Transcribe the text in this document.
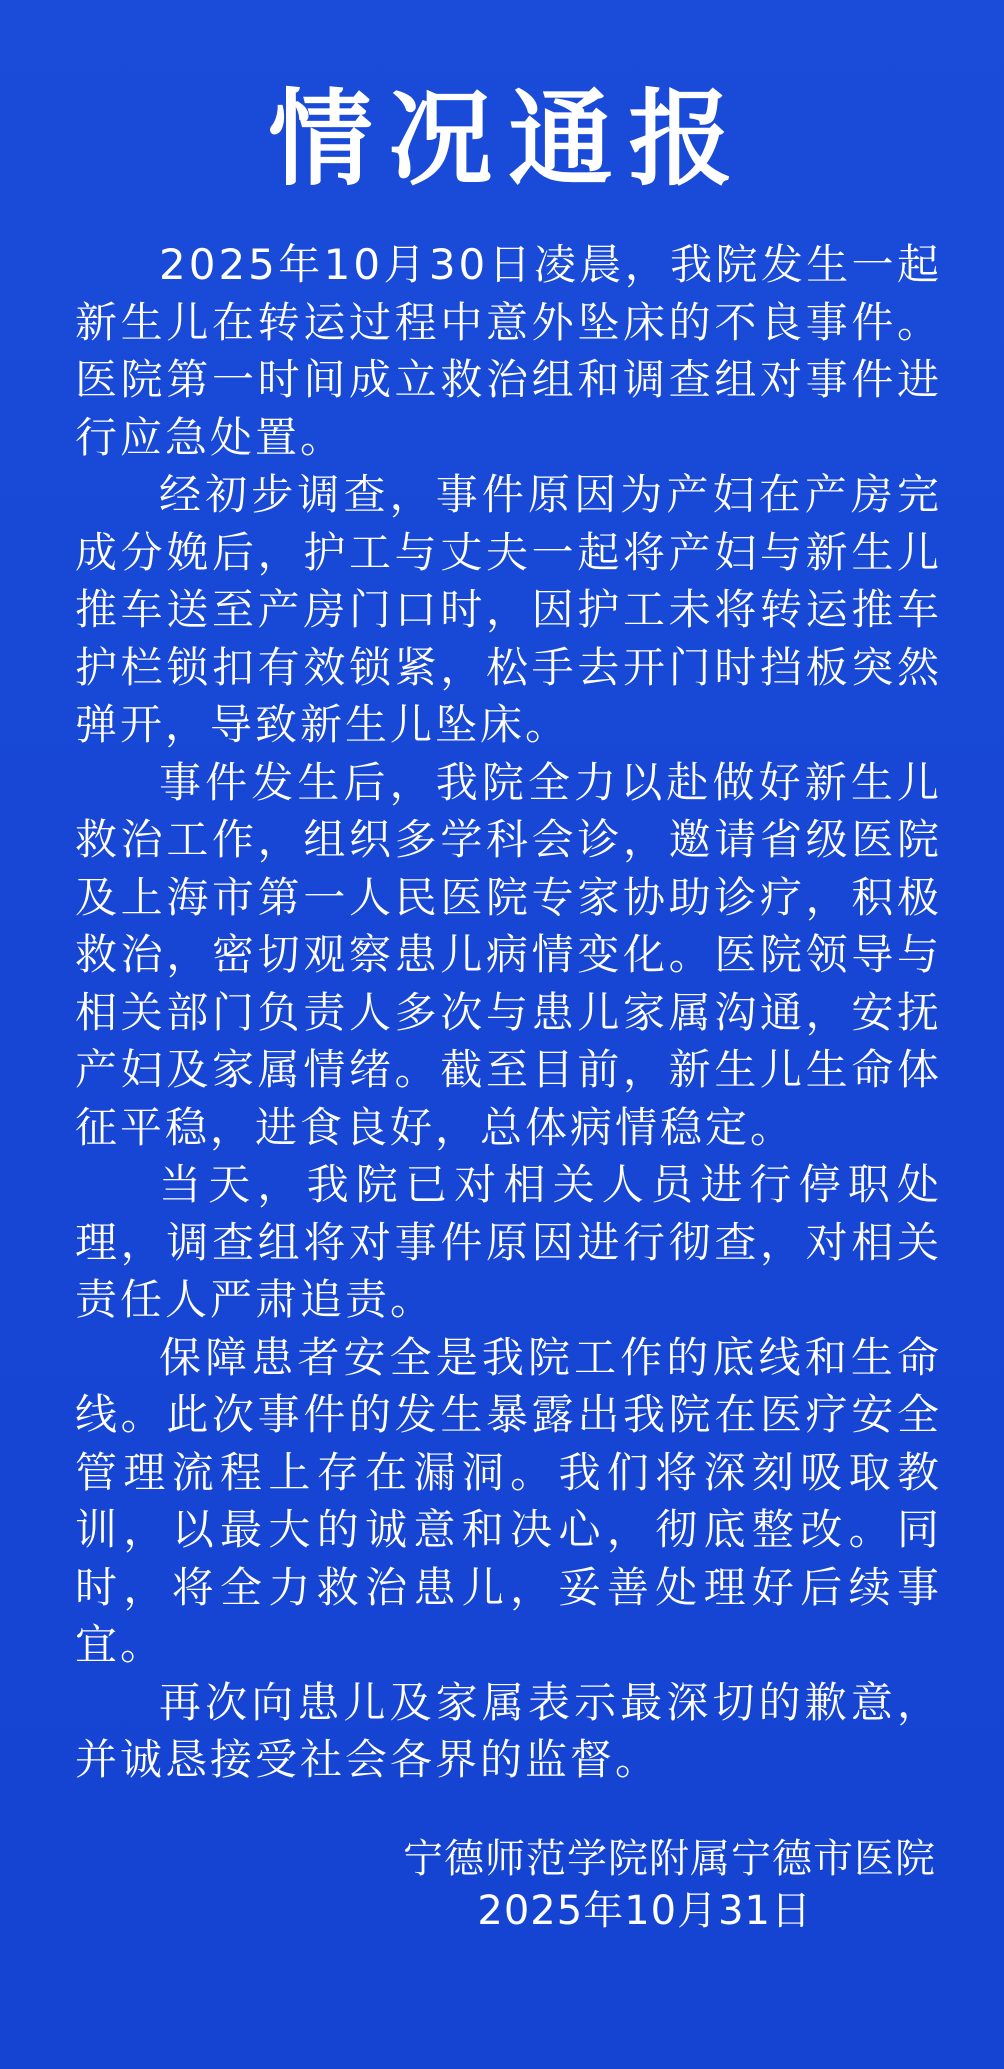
情况通报

2025年10月30日凌晨，我院发生一起新生儿在转运过程中意外坠床的不良事件。医院第一时间成立救治组和调查组对事件进行应急处置。

经初步调查，事件原因为产妇在产房完成分娩后，护工与丈夫一起将产妇与新生儿推车送至产房门口时，因护工未将转运推车护栏锁扣有效锁紧，松手去开门时挡板突然弹开，导致新生儿坠床。

事件发生后，我院全力以赴做好新生儿救治工作，组织多学科会诊，邀请省级医院及上海市第一人民医院专家协助诊疗，积极救治，密切观察患儿病情变化。医院领导与相关部门负责人多次与患儿家属沟通，安抚产妇及家属情绪。截至目前，新生儿生命体征平稳，进食良好，总体病情稳定。

当天，我院已对相关人员进行停职处理，调查组将对事件原因进行彻查，对相关责任人严肃追责。

保障患者安全是我院工作的底线和生命线。此次事件的发生暴露出我院在医疗安全管理流程上存在漏洞。我们将深刻吸取教训，以最大的诚意和决心，彻底整改。同时，将全力救治患儿，妥善处理好后续事宜。

再次向患儿及家属表示最深切的歉意，并诚恳接受社会各界的监督。

宁德师范学院附属宁德市医院
2025年10月31日
